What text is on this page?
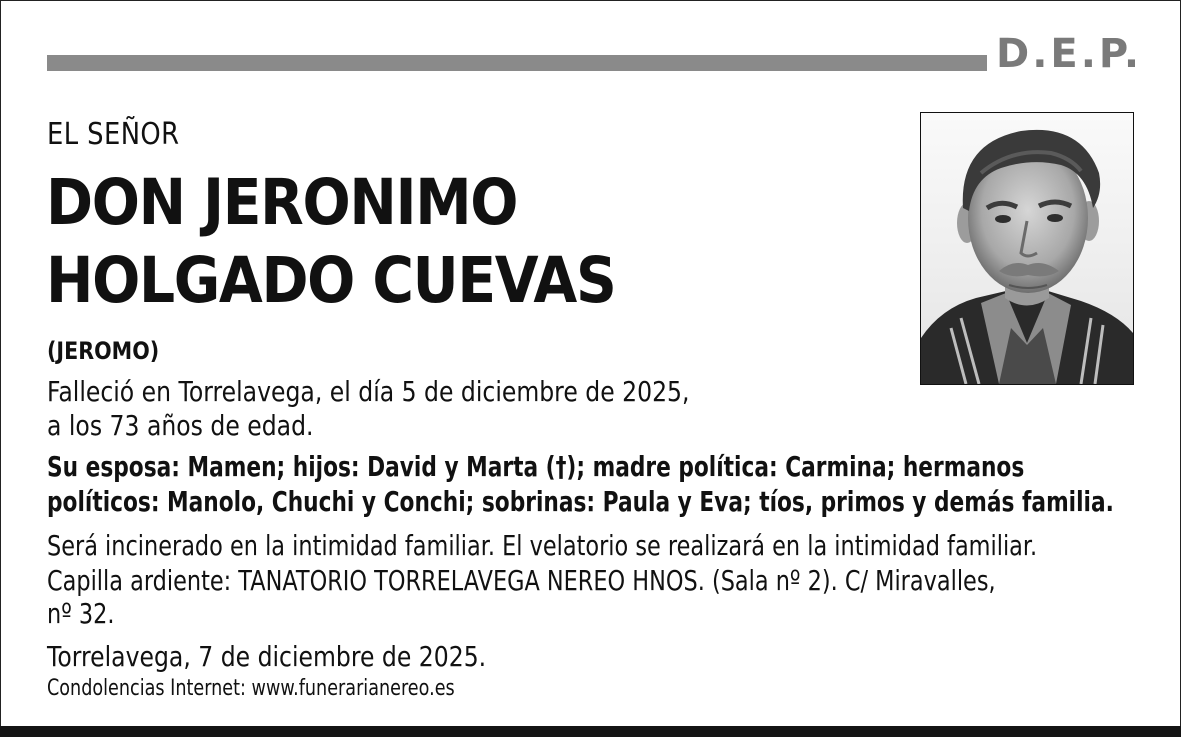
D.E.P.
EL SEÑOR
DON JERONIMO
HOLGADO CUEVAS
(JEROMO)
Falleció en Torrelavega, el día 5 de diciembre de 2025,
a los 73 años de edad.
Su esposa: Mamen; hijos: David y Marta (†); madre política: Carmina; hermanos
políticos: Manolo, Chuchi y Conchi; sobrinas: Paula y Eva; tíos, primos y demás familia.
Será incinerado en la intimidad familiar. El velatorio se realizará en la intimidad familiar.
Capilla ardiente: TANATORIO TORRELAVEGA NEREO HNOS. (Sala nº 2). C/ Miravalles,
nº 32.
Torrelavega, 7 de diciembre de 2025.
Condolencias Internet: www.funerarianereo.es
